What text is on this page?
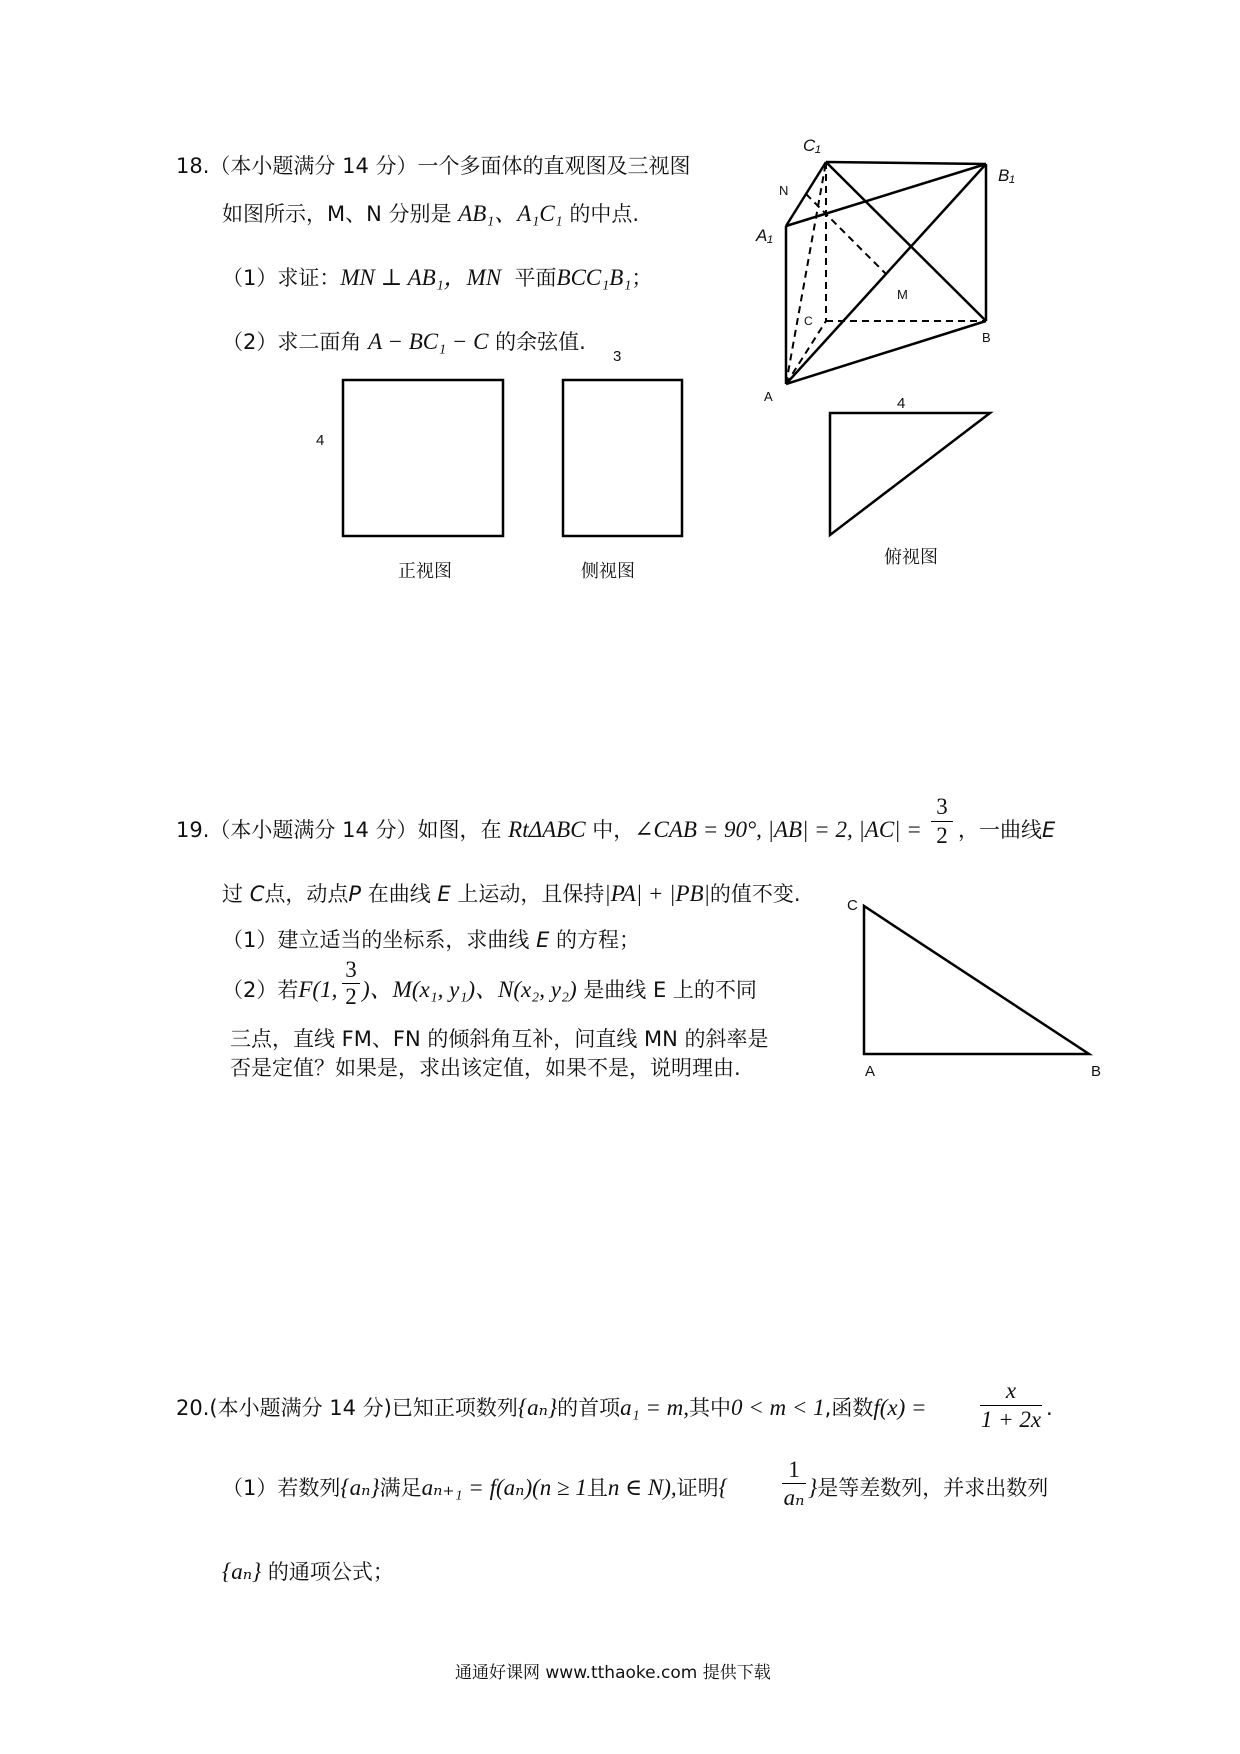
18.（本小题满分 14 分）一个多面体的直观图及三视图
如图所示，M、N 分别是 AB₁、A₁C₁ 的中点.
（1）求证：MN ⊥ AB₁，MN 平面BCC₁B₁；
（2）求二面角 A − BC₁ − C 的余弦值.
4
3
4
正视图	侧视图
俯视图
C₁
B₁
A₁
N
M
C
B
A
19.（本小题满分 14 分）如图，在 RtΔABC 中，∠CAB = 90°, |AB| = 2, |AC| =
3
2 ，一曲线E
过 C点，动点P 在曲线 E 上运动，且保持|PA| + |PB|的值不变.
（1）建立适当的坐标系，求曲线 E 的方程；
（2）若F(1,
3
2 )、M(x₁, y₁)、N(x₂, y₂) 是曲线 E 上的不同
三点，直线 FM、FN 的倾斜角互补，问直线 MN 的斜率是
否是定值？如果是，求出该定值，如果不是，说明理由.
C
A	B
20.(本小题满分 14 分)已知正项数列{aₙ}的首项a₁ = m,其中0 < m < 1,函数f(x) =
x
1 + 2x .
（1）若数列{aₙ}满足aₙ₊₁ = f(aₙ)(n ≥ 1且n ∈ N),证明{
1
aₙ }是等差数列，并求出数列
{aₙ} 的通项公式；
通通好课网 www.tthaoke.com 提供下载
